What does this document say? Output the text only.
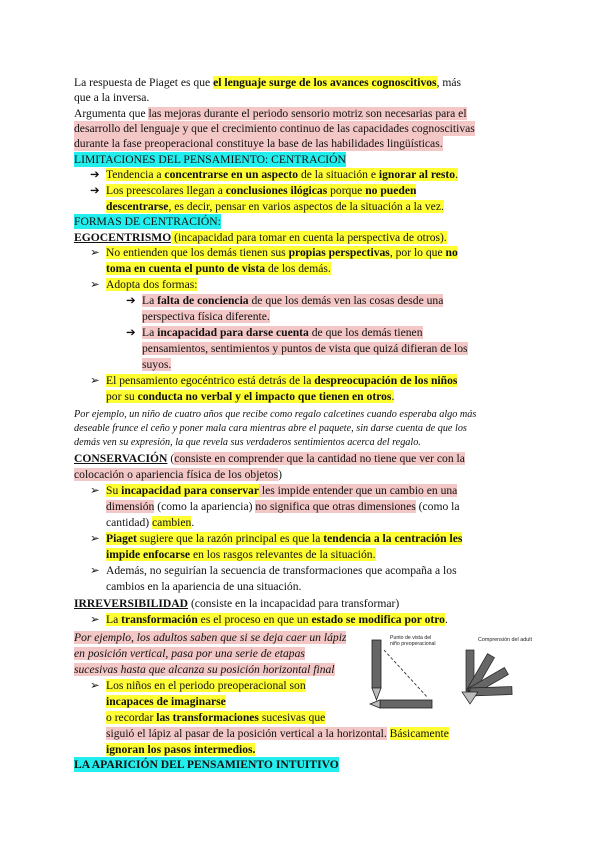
La respuesta de Piaget es que el lenguaje surge de los avances cognoscitivos, más
que a la inversa.
Argumenta que las mejoras durante el periodo sensorio motriz son necesarias para el
desarrollo del lenguaje y que el crecimiento continuo de las capacidades cognoscitivas
durante la fase preoperacional constituye la base de las habilidades lingüísticas.
LIMITACIONES DEL PENSAMIENTO: CENTRACIÓN
➔ Tendencia a concentrarse en un aspecto de la situación e ignorar al resto.
➔ Los preescolares llegan a conclusiones ilógicas porque no pueden
descentrarse, es decir, pensar en varios aspectos de la situación a la vez.
FORMAS DE CENTRACIÓN:
EGOCENTRISMO (incapacidad para tomar en cuenta la perspectiva de otros).
➢ No entienden que los demás tienen sus propias perspectivas, por lo que no
toma en cuenta el punto de vista de los demás.
➢ Adopta dos formas:
➔ La falta de conciencia de que los demás ven las cosas desde una
perspectiva física diferente.
➔ La incapacidad para darse cuenta de que los demás tienen
pensamientos, sentimientos y puntos de vista que quizá difieran de los
suyos.
➢ El pensamiento egocéntrico está detrás de la despreocupación de los niños
por su conducta no verbal y el impacto que tienen en otros.
Por ejemplo, un niño de cuatro años que recibe como regalo calcetines cuando esperaba algo más
deseable frunce el ceño y poner mala cara mientras abre el paquete, sin darse cuenta de que los
demás ven su expresión, la que revela sus verdaderos sentimientos acerca del regalo.
CONSERVACIÓN (consiste en comprender que la cantidad no tiene que ver con la
colocación o apariencia física de los objetos)
➢ Su incapacidad para conservar les impide entender que un cambio en una
dimensión (como la apariencia) no significa que otras dimensiones (como la
cantidad) cambien.
➢ Piaget sugiere que la razón principal es que la tendencia a la centración les
impide enfocarse en los rasgos relevantes de la situación.
➢ Además, no seguirían la secuencia de transformaciones que acompaña a los
cambios en la apariencia de una situación.
IRREVERSIBILIDAD (consiste en la incapacidad para transformar)
➢ La transformación es el proceso en que un estado se modifica por otro.
Por ejemplo, los adultos saben que si se deja caer un lápiz
en posición vertical, pasa por una serie de etapas
sucesivas hasta que alcanza su posición horizontal final
➢ Los niños en el periodo preoperacional son
incapaces de imaginarse
o recordar las transformaciones sucesivas que
siguió el lápiz al pasar de la posición vertical a la horizontal. Básicamente
ignoran los pasos intermedios.
LA APARICIÓN DEL PENSAMIENTO INTUITIVO
Punto de vista del
niño preoperacional
Comprensión del adulto
